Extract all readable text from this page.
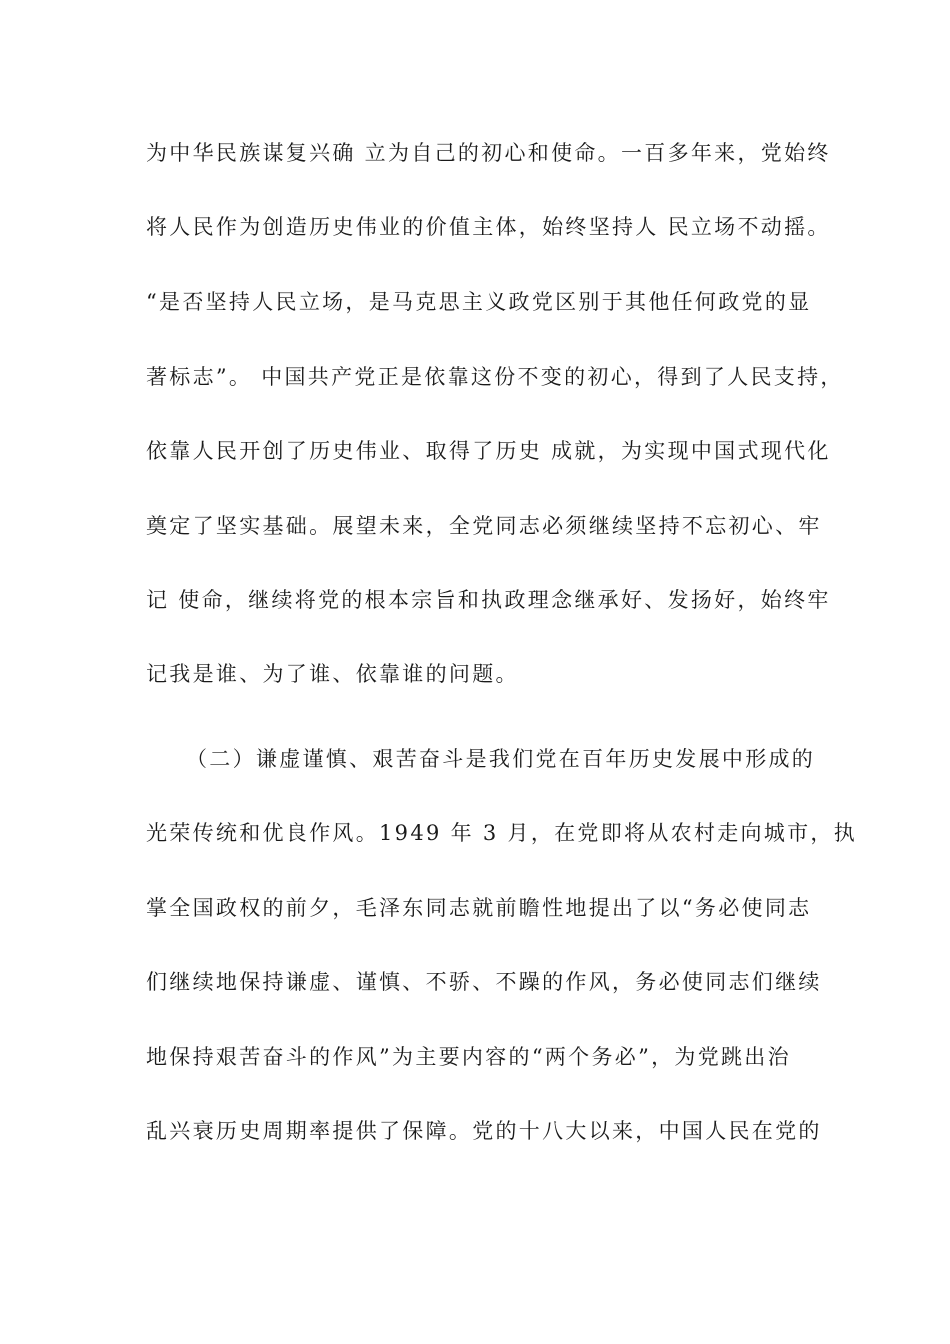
为中华民族谋复兴确 立为自己的初心和使命。一百多年来，党始终
将人民作为创造历史伟业的价值主体，始终坚持人 民立场不动摇。
“是否坚持人民立场，是马克思主义政党区别于其他任何政党的显
著标志”。 中国共产党正是依靠这份不变的初心，得到了人民支持，
依靠人民开创了历史伟业、取得了历史 成就，为实现中国式现代化
奠定了坚实基础。展望未来，全党同志必须继续坚持不忘初心、牢
记 使命，继续将党的根本宗旨和执政理念继承好、发扬好，始终牢
记我是谁、为了谁、依靠谁的问题。
（二）谦虚谨慎、艰苦奋斗是我们党在百年历史发展中形成的
光荣传统和优良作风。1949 年 3 月，在党即将从农村走向城市，执
掌全国政权的前夕，毛泽东同志就前瞻性地提出了以“务必使同志
们继续地保持谦虚、谨慎、不骄、不躁的作风，务必使同志们继续
地保持艰苦奋斗的作风”为主要内容的“两个务必”，为党跳出治
乱兴衰历史周期率提供了保障。党的十八大以来，中国人民在党的
